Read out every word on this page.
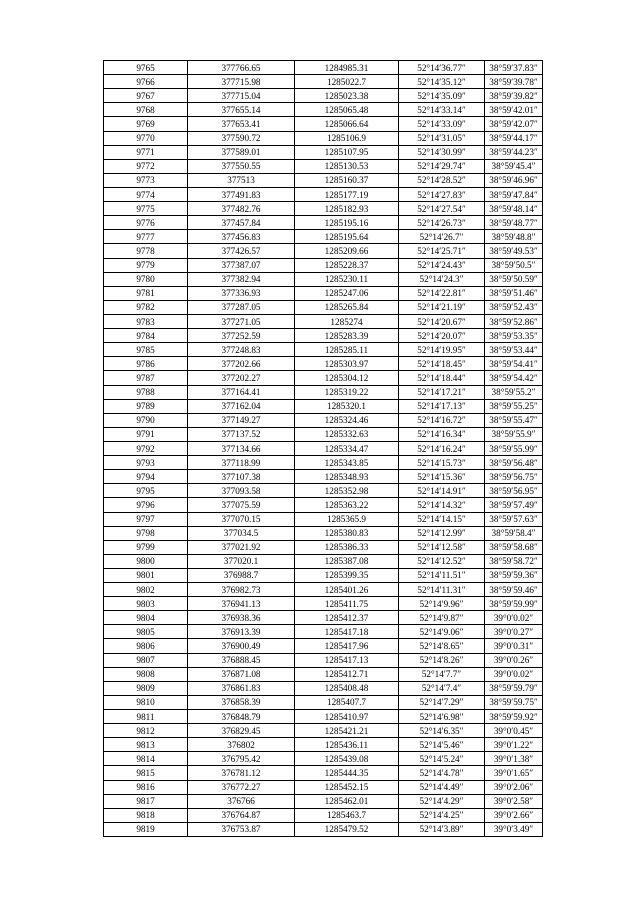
9765	377766.65	1284985.31	52°14′36.77″	38°59′37.83″
9766	377715.98	1285022.7	52°14′35.12″	38°59′39.78″
9767	377715.04	1285023.38	52°14′35.09″	38°59′39.82″
9768	377655.14	1285065.48	52°14′33.14″	38°59′42.01″
9769	377653.41	1285066.64	52°14′33.09″	38°59′42.07″
9770	377590.72	1285106.9	52°14′31.05″	38°59′44.17″
9771	377589.01	1285107.95	52°14′30.99″	38°59′44.23″
9772	377550.55	1285130.53	52°14′29.74″	38°59′45.4″
9773	377513	1285160.37	52°14′28.52″	38°59′46.96″
9774	377491.83	1285177.19	52°14′27.83″	38°59′47.84″
9775	377482.76	1285182.93	52°14′27.54″	38°59′48.14″
9776	377457.84	1285195.16	52°14′26.73″	38°59′48.77″
9777	377456.83	1285195.64	52°14′26.7″	38°59′48.8″
9778	377426.57	1285209.66	52°14′25.71″	38°59′49.53″
9779	377387.07	1285228.37	52°14′24.43″	38°59′50.5″
9780	377382.94	1285230.11	52°14′24.3″	38°59′50.59″
9781	377336.93	1285247.06	52°14′22.81″	38°59′51.46″
9782	377287.05	1285265.84	52°14′21.19″	38°59′52.43″
9783	377271.05	1285274	52°14′20.67″	38°59′52.86″
9784	377252.59	1285283.39	52°14′20.07″	38°59′53.35″
9785	377248.83	1285285.11	52°14′19.95″	38°59′53.44″
9786	377202.66	1285303.97	52°14′18.45″	38°59′54.41″
9787	377202.27	1285304.12	52°14′18.44″	38°59′54.42″
9788	377164.41	1285319.22	52°14′17.21″	38°59′55.2″
9789	377162.04	1285320.1	52°14′17.13″	38°59′55.25″
9790	377149.27	1285324.46	52°14′16.72″	38°59′55.47″
9791	377137.52	1285332.63	52°14′16.34″	38°59′55.9″
9792	377134.66	1285334.47	52°14′16.24″	38°59′55.99″
9793	377118.99	1285343.85	52°14′15.73″	38°59′56.48″
9794	377107.38	1285348.93	52°14′15.36″	38°59′56.75″
9795	377093.58	1285352.98	52°14′14.91″	38°59′56.95″
9796	377075.59	1285363.22	52°14′14.32″	38°59′57.49″
9797	377070.15	1285365.9	52°14′14.15″	38°59′57.63″
9798	377034.5	1285380.83	52°14′12.99″	38°59′58.4″
9799	377021.92	1285386.33	52°14′12.58″	38°59′58.68″
9800	377020.1	1285387.08	52°14′12.52″	38°59′58.72″
9801	376988.7	1285399.35	52°14′11.51″	38°59′59.36″
9802	376982.73	1285401.26	52°14′11.31″	38°59′59.46″
9803	376941.13	1285411.75	52°14′9.96″	38°59′59.99″
9804	376938.36	1285412.37	52°14′9.87″	39°0′0.02″
9805	376913.39	1285417.18	52°14′9.06″	39°0′0.27″
9806	376900.49	1285417.96	52°14′8.65″	39°0′0.31″
9807	376888.45	1285417.13	52°14′8.26″	39°0′0.26″
9808	376871.08	1285412.71	52°14′7.7″	39°0′0.02″
9809	376861.83	1285408.48	52°14′7.4″	38°59′59.79″
9810	376858.39	1285407.7	52°14′7.29″	38°59′59.75″
9811	376848.79	1285410.97	52°14′6.98″	38°59′59.92″
9812	376829.45	1285421.21	52°14′6.35″	39°0′0.45″
9813	376802	1285436.11	52°14′5.46″	39°0′1.22″
9814	376795.42	1285439.08	52°14′5.24″	39°0′1.38″
9815	376781.12	1285444.35	52°14′4.78″	39°0′1.65″
9816	376772.27	1285452.15	52°14′4.49″	39°0′2.06″
9817	376766	1285462.01	52°14′4.29″	39°0′2.58″
9818	376764.87	1285463.7	52°14′4.25″	39°0′2.66″
9819	376753.87	1285479.52	52°14′3.89″	39°0′3.49″
